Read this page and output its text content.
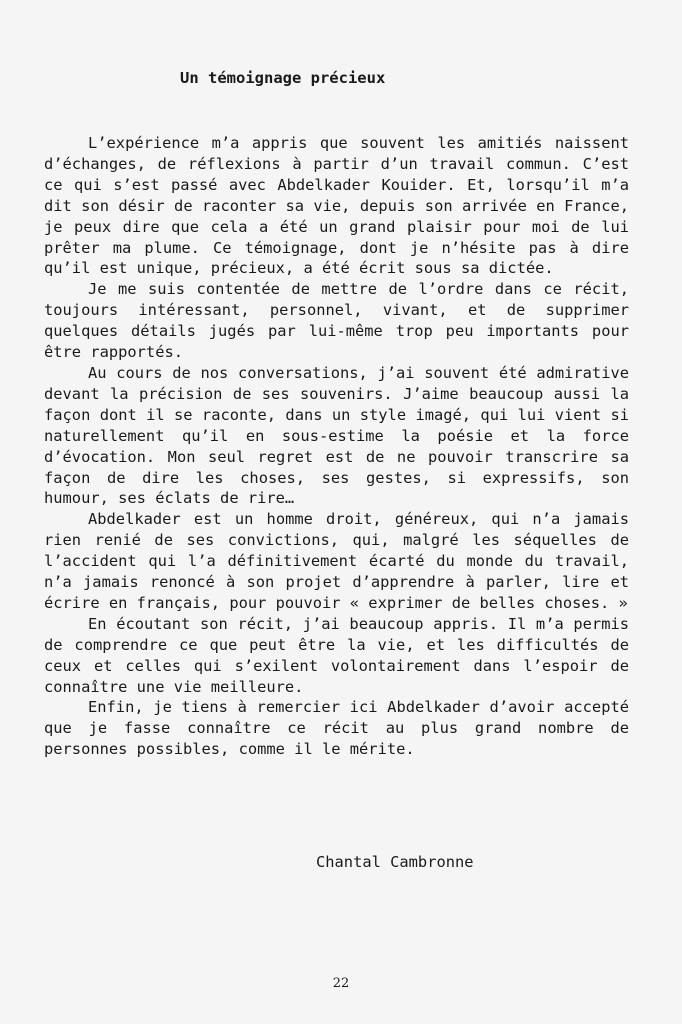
Un témoignage précieux

L’expérience m’a appris que souvent les amitiés naissent d’échanges, de réflexions à partir d’un travail commun. C’est ce qui s’est passé avec Abdelkader Kouider. Et, lorsqu’il m’a dit son désir de raconter sa vie, depuis son arrivée en France, je peux dire que cela a été un grand plaisir pour moi de lui prêter ma plume. Ce témoignage, dont je n’hésite pas à dire qu’il est unique, précieux, a été écrit sous sa dictée.

Je me suis contentée de mettre de l’ordre dans ce récit, toujours intéressant, personnel, vivant, et de supprimer quelques détails jugés par lui-même trop peu importants pour être rapportés.

Au cours de nos conversations, j’ai souvent été admirative devant la précision de ses souvenirs. J’aime beaucoup aussi la façon dont il se raconte, dans un style imagé, qui lui vient si naturellement qu’il en sous-estime la poésie et la force d’évocation. Mon seul regret est de ne pouvoir transcrire sa façon de dire les choses, ses gestes, si expressifs, son humour, ses éclats de rire…

Abdelkader est un homme droit, généreux, qui n’a jamais rien renié de ses convictions, qui, malgré les séquelles de l’accident qui l’a définitivement écarté du monde du travail, n’a jamais renoncé à son projet d’apprendre à parler, lire et écrire en français, pour pouvoir « exprimer de belles choses. »

En écoutant son récit, j’ai beaucoup appris. Il m’a permis de comprendre ce que peut être la vie, et les difficultés de ceux et celles qui s’exilent volontairement dans l’espoir de connaître une vie meilleure.

Enfin, je tiens à remercier ici Abdelkader d’avoir accepté que je fasse connaître ce récit au plus grand nombre de personnes possibles, comme il le mérite.

Chantal Cambronne
22
